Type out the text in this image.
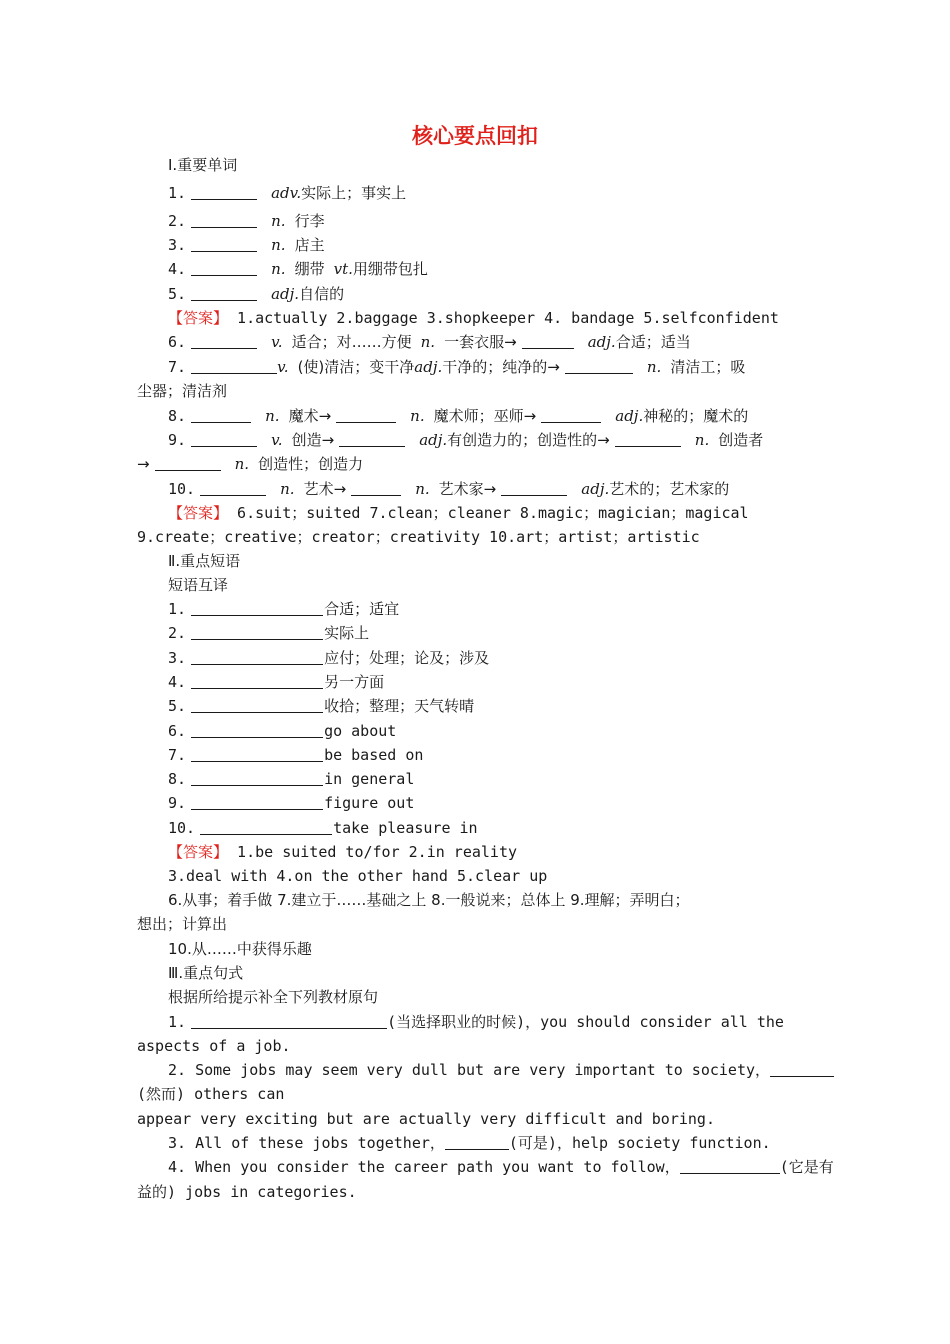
核心要点回扣
Ⅰ.重要单词
1.	adv.实际上；事实上
2.	n. 行李
3.	n. 店主
4.	n. 绷带 vt.用绷带包扎
5.	adj.自信的
【答案】 1.actually 2.baggage 3.shopkeeper 4. bandage 5.selfconfident
6.	v. 适合；对……方便 n. 一套衣服→	adj.合适；适当
7.	v. (使)清洁；变干净adj.干净的；纯净的→	n. 清洁工；吸
尘器；清洁剂
8.	n. 魔术→	n. 魔术师；巫师→	adj.神秘的；魔术的
9.	v. 创造→	adj.有创造力的；创造性的→	n. 创造者
→	n. 创造性；创造力
10.	n. 艺术→	n. 艺术家→	adj.艺术的；艺术家的
【答案】 6.suit；suited 7.clean；cleaner 8.magic；magician；magical
9.create；creative；creator；creativity 10.art；artist；artistic
Ⅱ.重点短语
短语互译
1.	合适；适宜
2.	实际上
3.	应付；处理；论及；涉及
4.	另一方面
5.	收拾；整理；天气转晴
6.	go about
7.	be based on
8.	in general
9.	figure out
10.	take pleasure in
【答案】 1.be suited to/for 2.in reality
3.deal with 4.on the other hand 5.clear up
6.从事；着手做 7.建立于……基础之上 8.一般说来；总体上 9.理解；弄明白；
想出；计算出
10.从……中获得乐趣
Ⅲ.重点句式
根据所给提示补全下列教材原句
1.	(当选择职业的时候)，you should consider all the
aspects of a job.
2. Some jobs may seem very dull but are very important to society，
(然而) others can
appear very exciting but are actually very difficult and boring.
3. All of these jobs together，	(可是)，help society function.
4. When you consider the career path you want to follow，	(它是有
益的) jobs in categories.
